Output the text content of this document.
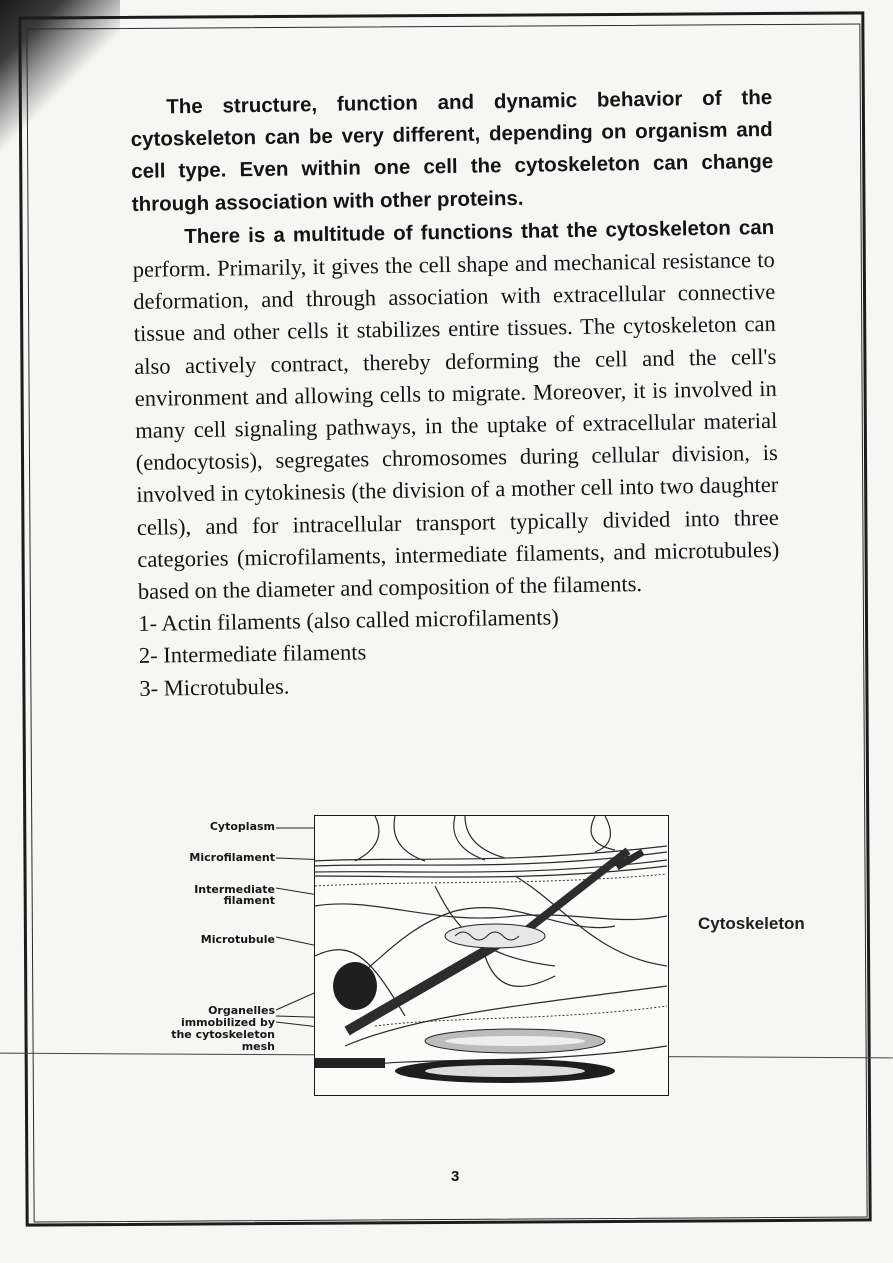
The structure, function and dynamic behavior of the cytoskeleton can be very different, depending on organism and cell type. Even within one cell the cytoskeleton can change through association with other proteins.

There is a multitude of functions that the cytoskeleton can perform. Primarily, it gives the cell shape and mechanical resistance to deformation, and through association with extracellular connective tissue and other cells it stabilizes entire tissues. The cytoskeleton can also actively contract, thereby deforming the cell and the cell's environment and allowing cells to migrate. Moreover, it is involved in many cell signaling pathways, in the uptake of extracellular material (endocytosis), segregates chromosomes during cellular division, is involved in cytokinesis (the division of a mother cell into two daughter cells), and for intracellular transport typically divided into three categories (microfilaments, intermediate filaments, and microtubules) based on the diameter and composition of the filaments.

1- Actin filaments (also called microfilaments)

2- Intermediate filaments

3- Microtubules.

Cytoplasm
Microfilament
Intermediate
filament
Microtubule
Organelles
immobilized by
the cytoskeleton
mesh
Cytoskeleton
3
